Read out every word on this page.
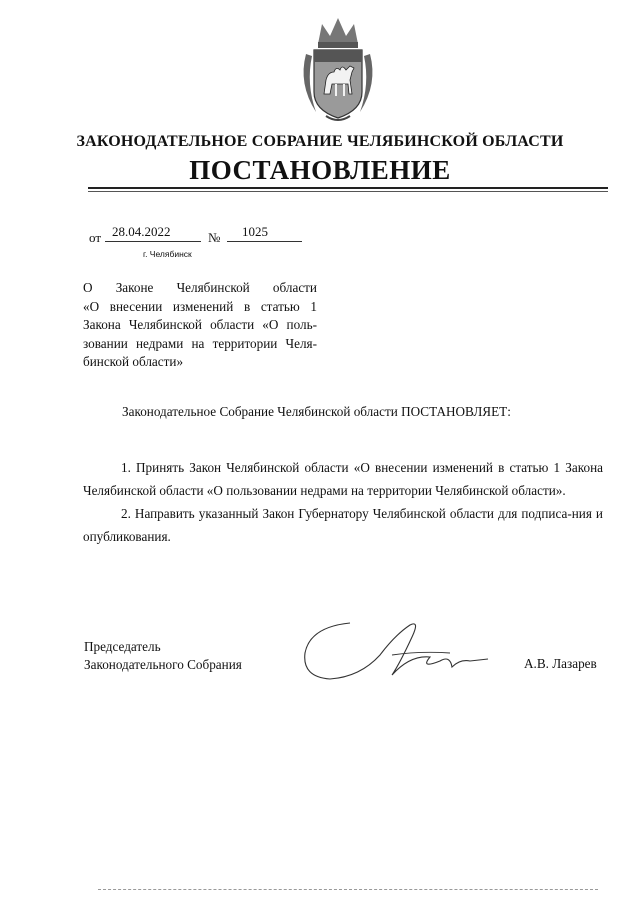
ЗАКОНОДАТЕЛЬНОЕ СОБРАНИЕ ЧЕЛЯБИНСКОЙ ОБЛАСТИ
ПОСТАНОВЛЕНИЕ
от 28.04.2022	№ 1025
г. Челябинск
О    Законе    Челябинской    области
«О внесении изменений в статью 1
Закона Челябинской области «О поль-
зовании недрами на территории Челя-
бинской области»
Законодательное Собрание Челябинской области ПОСТАНОВЛЯЕТ:

1. Принять Закон Челябинской области «О внесении изменений в статью 1 Закона Челябинской области «О пользовании недрами на территории Челябинской области».

2. Направить указанный Закон Губернатору Челябинской области для подписа-ния и опубликования.

Председатель
Законодательного Собрания	А.В. Лазарев
